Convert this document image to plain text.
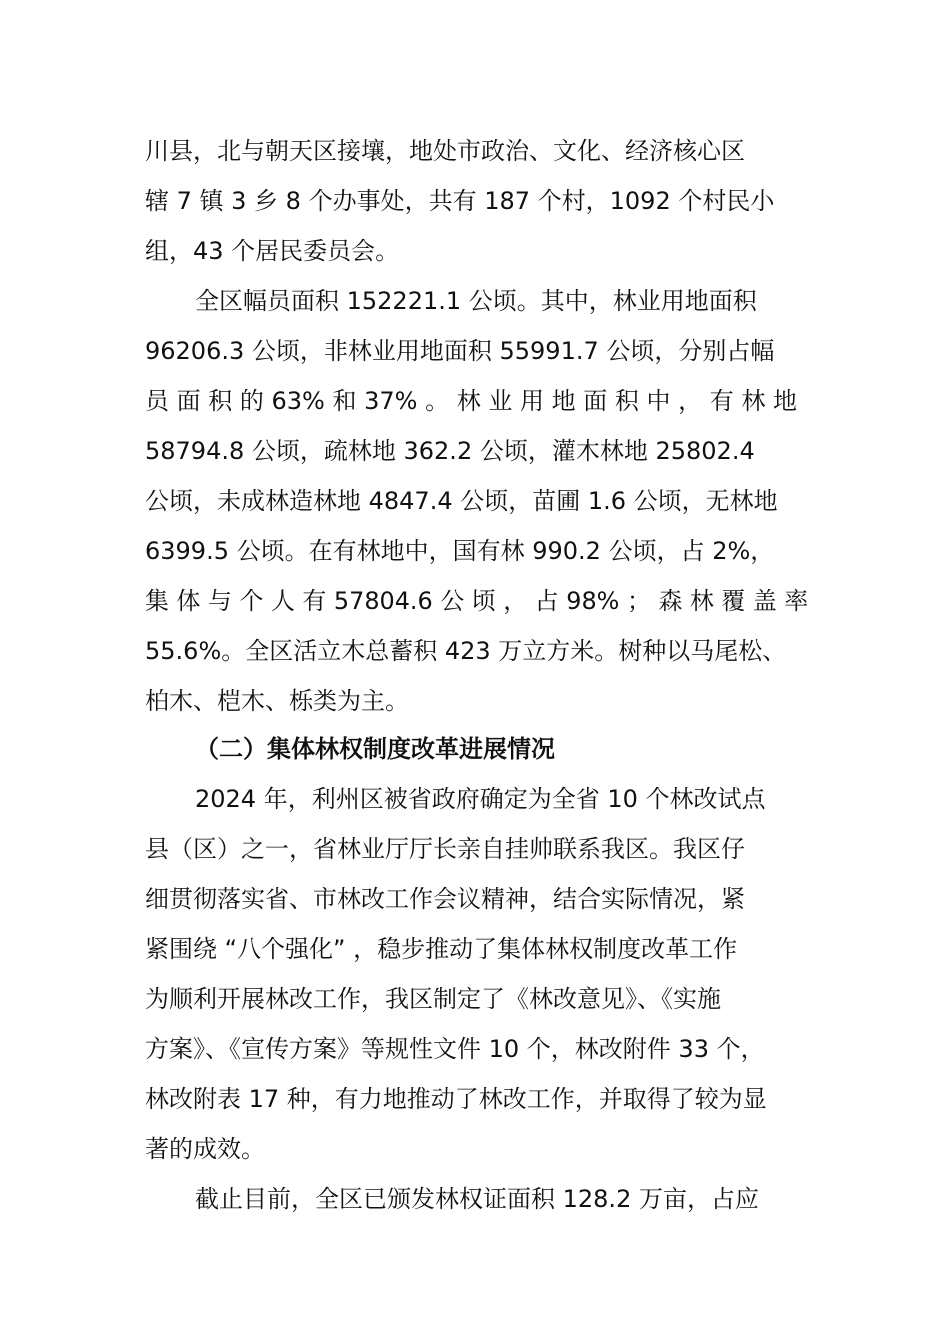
川县，北与朝天区接壤，地处市政治、文化、经济核心区
辖 7 镇 3 乡 8 个办事处，共有 187 个村，1092 个村民小
组，43 个居民委员会。
全区幅员面积 152221.1 公顷。其中，林业用地面积
96206.3 公顷，非林业用地面积 55991.7 公顷，分别占幅
员 面 积 的 63% 和 37% 。 林 业 用 地 面 积 中 ， 有 林 地
58794.8 公顷，疏林地 362.2 公顷，灌木林地 25802.4
公顷，未成林造林地 4847.4 公顷，苗圃 1.6 公顷，无林地
6399.5 公顷。在有林地中，国有林 990.2 公顷，占 2%，
集 体 与 个 人 有 57804.6 公 顷 ， 占 98% ； 森 林 覆 盖 率
55.6%。全区活立木总蓄积 423 万立方米。树种以马尾松、
柏木、桤木、栎类为主。
（二）集体林权制度改革进展情况
2024 年，利州区被省政府确定为全省 10 个林改试点
县（区）之一，省林业厅厅长亲自挂帅联系我区。我区仔
细贯彻落实省、市林改工作会议精神，结合实际情况，紧
紧围绕 “八个强化” ，稳步推动了集体林权制度改革工作
为顺利开展林改工作，我区制定了《林改意见》、《实施
方案》、《宣传方案》等规性文件 10 个，林改附件 33 个，
林改附表 17 种，有力地推动了林改工作，并取得了较为显
著的成效。
截止目前，全区已颁发林权证面积 128.2 万亩，占应
